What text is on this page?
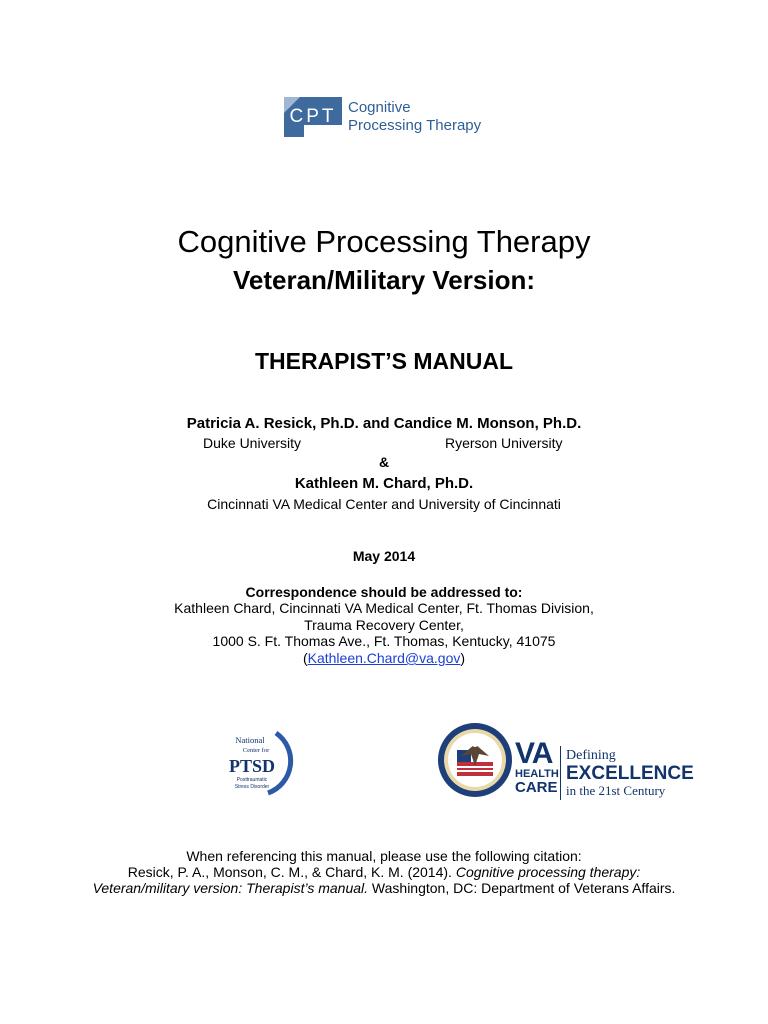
CPT Cognitive
Processing Therapy
Cognitive Processing Therapy
Veteran/Military Version:
THERAPIST’S MANUAL
Patricia A. Resick, Ph.D. and Candice M. Monson, Ph.D.
Duke University	Ryerson University
&
Kathleen M. Chard, Ph.D.
Cincinnati VA Medical Center and University of Cincinnati
May 2014
Correspondence should be addressed to:
Kathleen Chard, Cincinnati VA Medical Center, Ft. Thomas Division,
Trauma Recovery Center,
1000 S. Ft. Thomas Ave., Ft. Thomas, Kentucky, 41075
(Kathleen.Chard@va.gov)
National
Center for
PTSD
Posttraumatic
Stress Disorder
VA
HEALTH
CARE
Defining
EXCELLENCE
in the 21st Century
When referencing this manual, please use the following citation:
Resick, P. A., Monson, C. M., & Chard, K. M. (2014). Cognitive processing therapy:
Veteran/military version: Therapist’s manual. Washington, DC: Department of Veterans Affairs.
